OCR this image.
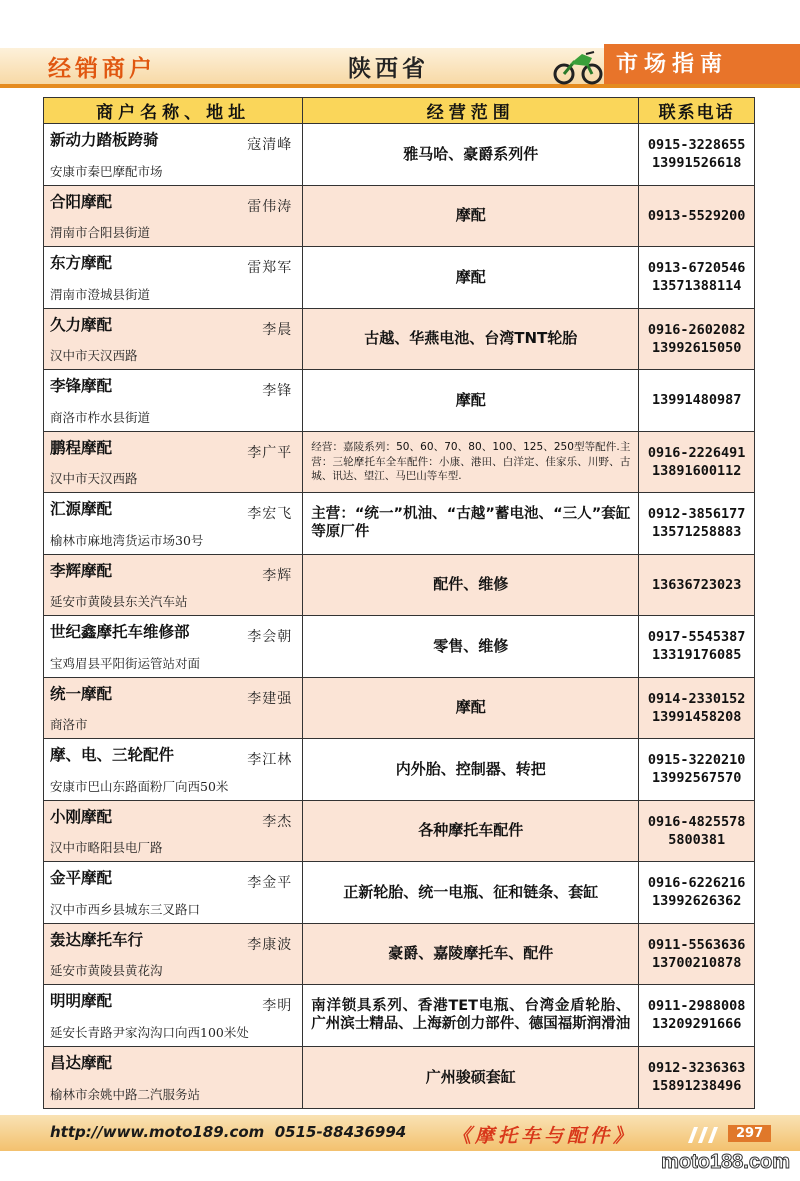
经销商户	陕西省	市场指南
商户名称、地址	经营范围	联系电话
新动力踏板跨骑	寇清峰
安康市秦巴摩配市场
雅马哈、豪爵系列件	0915-3228655
13991526618
合阳摩配	雷伟涛
渭南市合阳县街道
摩配	0913-5529200
东方摩配	雷郑军
渭南市澄城县街道
摩配	0913-6720546
13571388114
久力摩配	李晨
汉中市天汉西路
古越、华燕电池、台湾TNT轮胎	0916-2602082
13992615050
李锋摩配	李锋
商洛市柞水县街道
摩配	13991480987
鹏程摩配	李广平
汉中市天汉西路
经营：嘉陵系列：50、60、70、80、100、125、250型等配件.主营：三轮摩托车全车配件：小康、港田、白洋定、佳家乐、川野、古城、讯达、望江、马巴山等车型.
0916-2226491
13891600112
汇源摩配	李宏飞
榆林市麻地湾货运市场30号
主营：“统一”机油、“古越”蓄电池、“三人”套缸等原厂件
0912-3856177
13571258883
李辉摩配	李辉
延安市黄陵县东关汽车站
配件、维修	13636723023
世纪鑫摩托车维修部	李会朝
宝鸡眉县平阳街运管站对面
零售、维修	0917-5545387
13319176085
统一摩配	李建强
商洛市
摩配	0914-2330152
13991458208
摩、电、三轮配件	李江林
安康市巴山东路面粉厂向西50米
内外胎、控制器、转把	0915-3220210
13992567570
小刚摩配	李杰
汉中市略阳县电厂路
各种摩托车配件	0916-4825578
5800381
金平摩配	李金平
汉中市西乡县城东三叉路口
正新轮胎、统一电瓶、征和链条、套缸	0916-6226216
13992626362
轰达摩托车行	李康波
延安市黄陵县黄花沟
豪爵、嘉陵摩托车、配件	0911-5563636
13700210878
明明摩配	李明
延安长青路尹家沟沟口向西100米处
南洋锁具系列、香港TET电瓶、台湾金盾轮胎、广州滨士精品、上海新创力部件、德国福斯润滑油
0911-2988008
13209291666
昌达摩配
榆林市余姚中路二汽服务站
广州骏硕套缸	0912-3236363
15891238496
http://www.moto189.com 0515-88436994 《摩托车与配件》	297
moto188.com
